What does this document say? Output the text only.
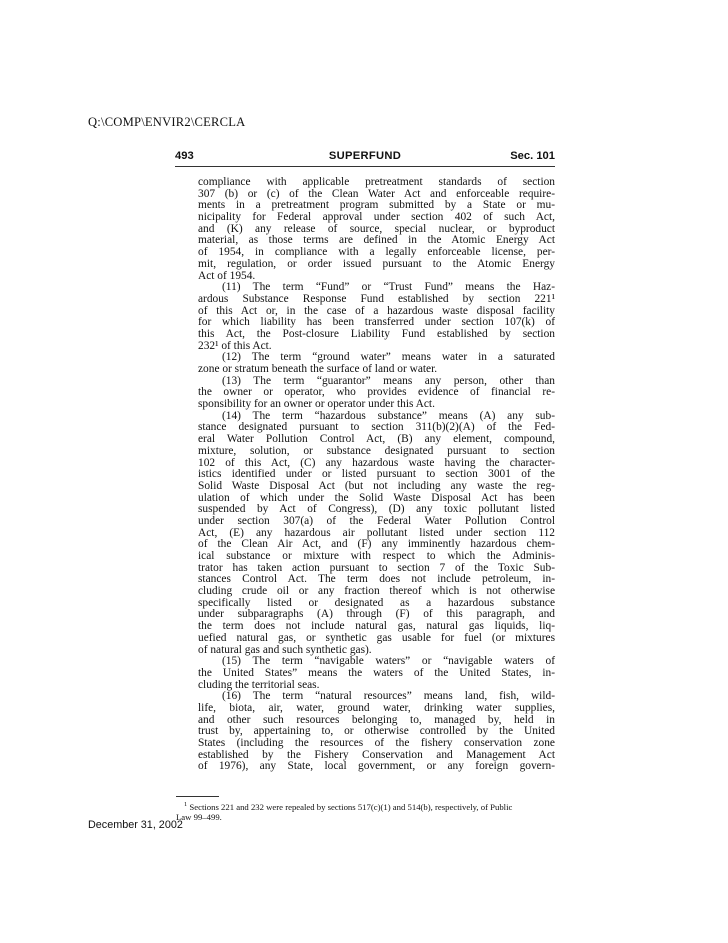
Q:\COMP\ENVIR2\CERCLA
493	SUPERFUND	Sec. 101
compliance with applicable pretreatment standards of section
307 (b) or (c) of the Clean Water Act and enforceable require-
ments in a pretreatment program submitted by a State or mu-
nicipality for Federal approval under section 402 of such Act,
and (K) any release of source, special nuclear, or byproduct
material, as those terms are defined in the Atomic Energy Act
of 1954, in compliance with a legally enforceable license, per-
mit, regulation, or order issued pursuant to the Atomic Energy
Act of 1954.
(11) The term “Fund” or “Trust Fund” means the Haz-
ardous Substance Response Fund established by section 221¹
of this Act or, in the case of a hazardous waste disposal facility
for which liability has been transferred under section 107(k) of
this Act, the Post-closure Liability Fund established by section
232¹ of this Act.
(12) The term “ground water” means water in a saturated
zone or stratum beneath the surface of land or water.
(13) The term “guarantor” means any person, other than
the owner or operator, who provides evidence of financial re-
sponsibility for an owner or operator under this Act.
(14) The term “hazardous substance” means (A) any sub-
stance designated pursuant to section 311(b)(2)(A) of the Fed-
eral Water Pollution Control Act, (B) any element, compound,
mixture, solution, or substance designated pursuant to section
102 of this Act, (C) any hazardous waste having the character-
istics identified under or listed pursuant to section 3001 of the
Solid Waste Disposal Act (but not including any waste the reg-
ulation of which under the Solid Waste Disposal Act has been
suspended by Act of Congress), (D) any toxic pollutant listed
under section 307(a) of the Federal Water Pollution Control
Act, (E) any hazardous air pollutant listed under section 112
of the Clean Air Act, and (F) any imminently hazardous chem-
ical substance or mixture with respect to which the Adminis-
trator has taken action pursuant to section 7 of the Toxic Sub-
stances Control Act. The term does not include petroleum, in-
cluding crude oil or any fraction thereof which is not otherwise
specifically listed or designated as a hazardous substance
under subparagraphs (A) through (F) of this paragraph, and
the term does not include natural gas, natural gas liquids, liq-
uefied natural gas, or synthetic gas usable for fuel (or mixtures
of natural gas and such synthetic gas).
(15) The term “navigable waters” or “navigable waters of
the United States” means the waters of the United States, in-
cluding the territorial seas.
(16) The term “natural resources” means land, fish, wild-
life, biota, air, water, ground water, drinking water supplies,
and other such resources belonging to, managed by, held in
trust by, appertaining to, or otherwise controlled by the United
States (including the resources of the fishery conservation zone
established by the Fishery Conservation and Management Act
of 1976), any State, local government, or any foreign govern-
$^1$ Sections 221 and 232 were repealed by sections 517(c)(1) and 514(b), respectively, of Public
Law 99–499.
December 31, 2002
